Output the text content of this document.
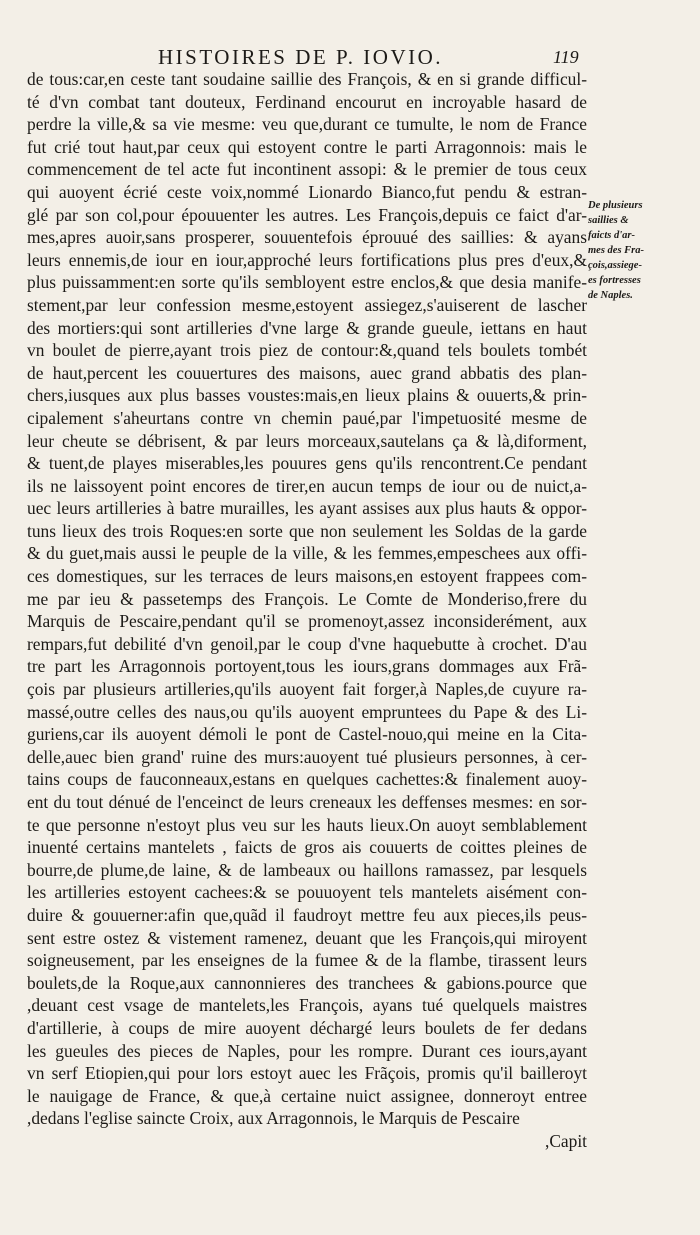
HISTOIRES DE P. IOVIO.	119
de tous:car,en ceste tant soudaine saillie des François, & en si grande difficul-
té d'vn combat tant douteux, Ferdinand encourut en incroyable hasard de
perdre la ville,& sa vie mesme: veu que,durant ce tumulte, le nom de France
fut crié tout haut,par ceux qui estoyent contre le parti Arragonnois: mais le
commencement de tel acte fut incontinent assopi: & le premier de tous ceux
qui auoyent écrié ceste voix,nommé Lionardo Bianco,fut pendu & estran-
glé par son col,pour épouuenter les autres. Les François,depuis ce faict d'ar-
mes,apres auoir,sans prosperer, souuentefois éprouué des saillies: & ayans
leurs ennemis,de iour en iour,approché leurs fortifications plus pres d'eux,&
plus puissamment:en sorte qu'ils sembloyent estre enclos,& que desia manife-
stement,par leur confession mesme,estoyent assiegez,s'auiserent de lascher
des mortiers:qui sont artilleries d'vne large & grande gueule, iettans en haut
vn boulet de pierre,ayant trois piez de contour:&,quand tels boulets tombét
de haut,percent les couuertures des maisons, auec grand abbatis des plan-
chers,iusques aux plus basses voustes:mais,en lieux plains & ouuerts,& prin-
cipalement s'aheurtans contre vn chemin paué,par l'impetuosité mesme de
leur cheute se débrisent, & par leurs morceaux,sautelans ça & là,diforment,
& tuent,de playes miserables,les pouures gens qu'ils rencontrent.Ce pendant
ils ne laissoyent point encores de tirer,en aucun temps de iour ou de nuict,a-
uec leurs artilleries à batre murailles, les ayant assises aux plus hauts & oppor-
tuns lieux des trois Roques:en sorte que non seulement les Soldas de la garde
& du guet,mais aussi le peuple de la ville, & les femmes,empeschees aux offi-
ces domestiques, sur les terraces de leurs maisons,en estoyent frappees com-
me par ieu & passetemps des François. Le Comte de Monderiso,frere du
Marquis de Pescaire,pendant qu'il se promenoyt,assez inconsiderément, aux
rempars,fut debilité d'vn genoil,par le coup d'vne haquebutte à crochet. D'au
tre part les Arragonnois portoyent,tous les iours,grans dommages aux Frã-
çois par plusieurs artilleries,qu'ils auoyent fait forger,à Naples,de cuyure ra-
massé,outre celles des naus,ou qu'ils auoyent empruntees du Pape & des Li-
guriens,car ils auoyent démoli le pont de Castel-nouo,qui meine en la Cita-
delle,auec bien grand' ruine des murs:auoyent tué plusieurs personnes, à cer-
tains coups de fauconneaux,estans en quelques cachettes:& finalement auoy-
ent du tout dénué de l'enceinct de leurs creneaux les deffenses mesmes: en sor-
te que personne n'estoyt plus veu sur les hauts lieux.On auoyt semblablement
inuenté certains mantelets , faicts de gros ais couuerts de coittes pleines de
bourre,de plume,de laine, & de lambeaux ou haillons ramassez, par lesquels
les artilleries estoyent cachees:& se pouuoyent tels mantelets aisément con-
duire & gouuerner:afin que,quãd il faudroyt mettre feu aux pieces,ils peus-
sent estre ostez & vistement ramenez, deuant que les François,qui miroyent
soigneusement, par les enseignes de la fumee & de la flambe, tirassent leurs
boulets,de la Roque,aux cannonnieres des tranchees & gabions.pource que
,deuant cest vsage de mantelets,les François, ayans tué quelquels maistres
d'artillerie, à coups de mire auoyent déchargé leurs boulets de fer dedans
les gueules des pieces de Naples, pour les rompre. Durant ces iours,ayant
vn serf Etiopien,qui pour lors estoyt auec les Frãçois, promis qu'il bailleroyt
le nauigage de France, & que,à certaine nuict assignee, donneroyt entree
,dedans l'eglise saincte Croix, aux Arragonnois, le Marquis de Pescaire
,Capit
De plusieurs
saillies &
faicts d'ar-
mes des Fra-
çois,assiege-
es fortresses
de Naples.
